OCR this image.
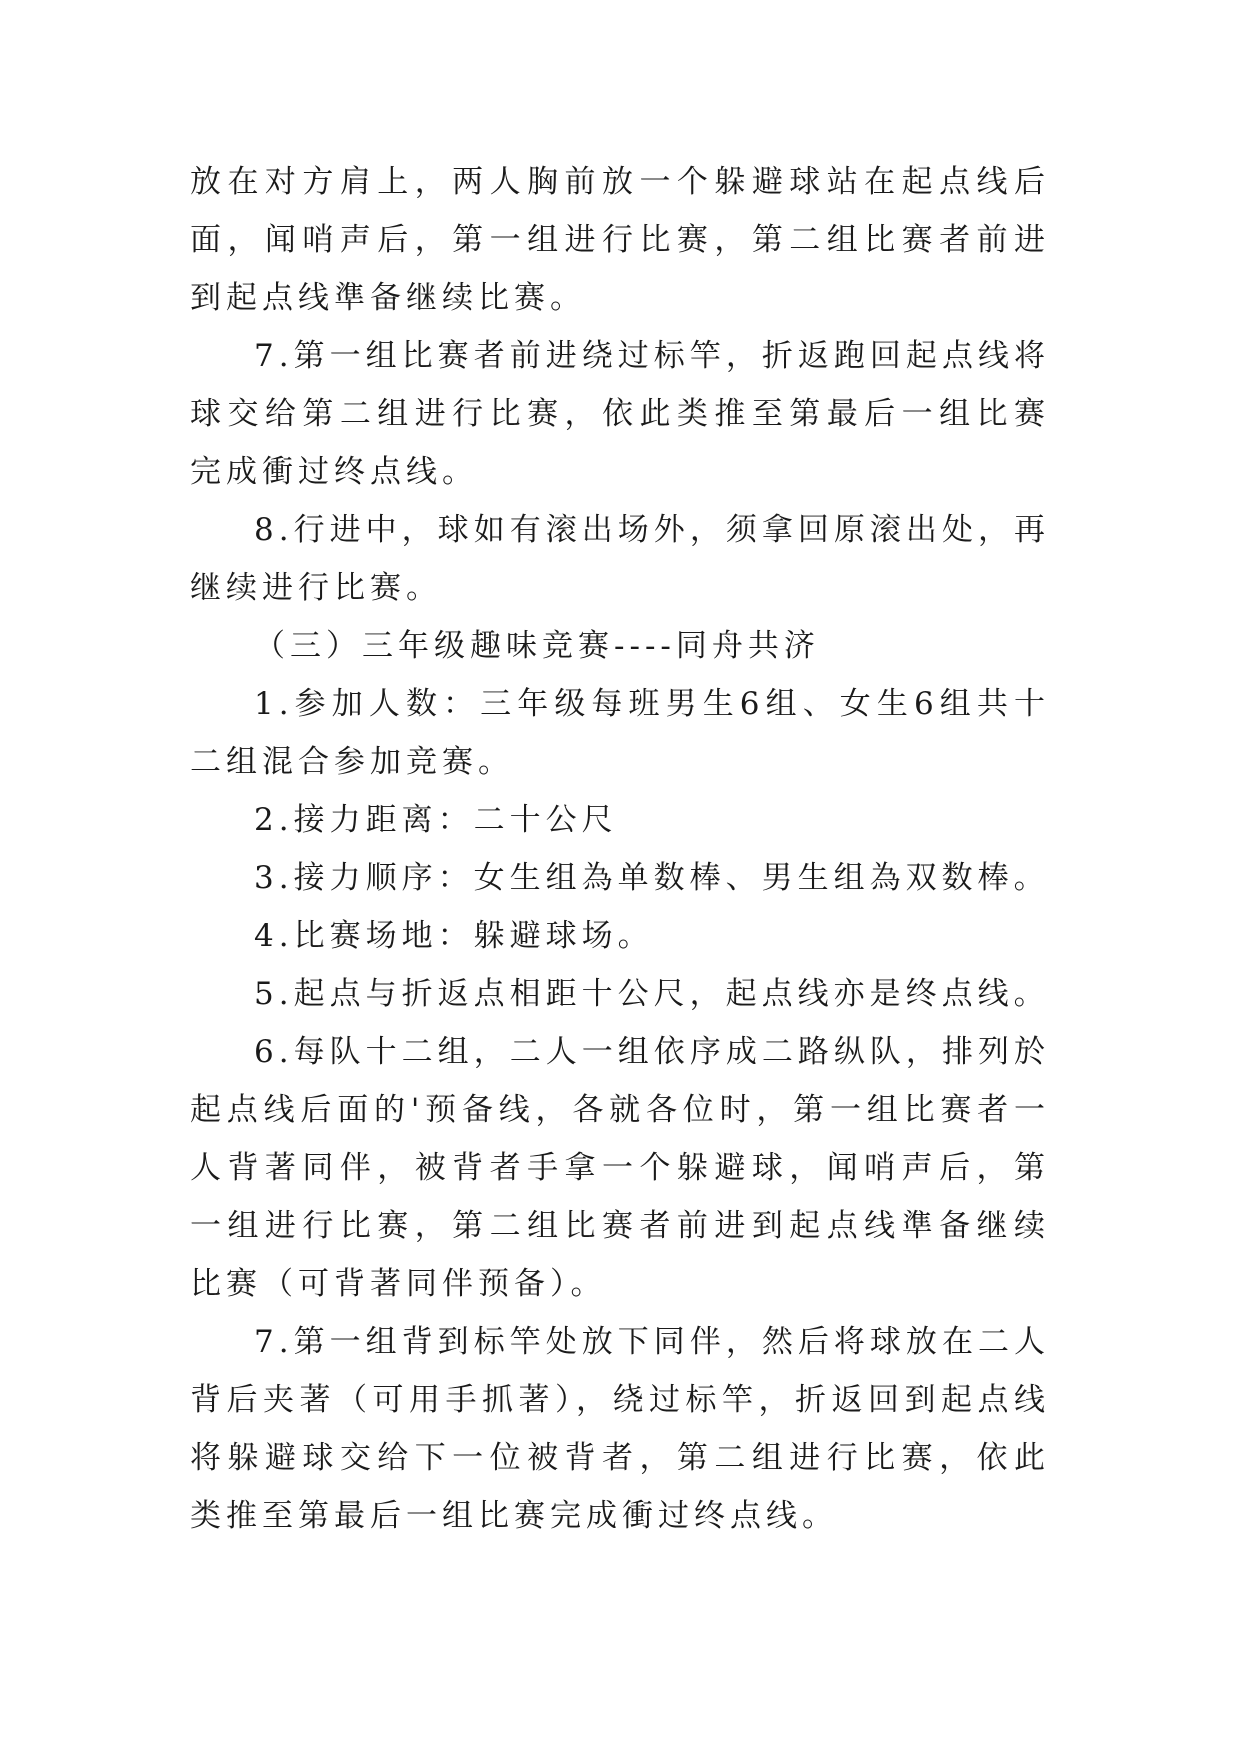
放在对方肩上，两人胸前放一个躲避球站在起点线后面，闻哨声后，第一组进行比赛，第二组比赛者前进到起点线準备继续比赛。

7.第一组比赛者前进绕过标竿，折返跑回起点线将球交给第二组进行比赛，依此类推至第最后一组比赛完成衝过终点线。

8.行进中，球如有滚出场外，须拿回原滚出处，再继续进行比赛。

（三）三年级趣味竞赛----同舟共济

1.参加人数：三年级每班男生6组、女生6组共十二组混合参加竞赛。

2.接力距离：二十公尺

3.接力顺序：女生组為单数棒、男生组為双数棒。

4.比赛场地：躲避球场。

5.起点与折返点相距十公尺，起点线亦是终点线。

6.每队十二组，二人一组依序成二路纵队，排列於起点线后面的'预备线，各就各位时，第一组比赛者一人背著同伴，被背者手拿一个躲避球，闻哨声后，第一组进行比赛，第二组比赛者前进到起点线準备继续比赛（可背著同伴预备）。

7.第一组背到标竿处放下同伴，然后将球放在二人背后夹著（可用手抓著），绕过标竿，折返回到起点线将躲避球交给下一位被背者，第二组进行比赛，依此类推至第最后一组比赛完成衝过终点线。
